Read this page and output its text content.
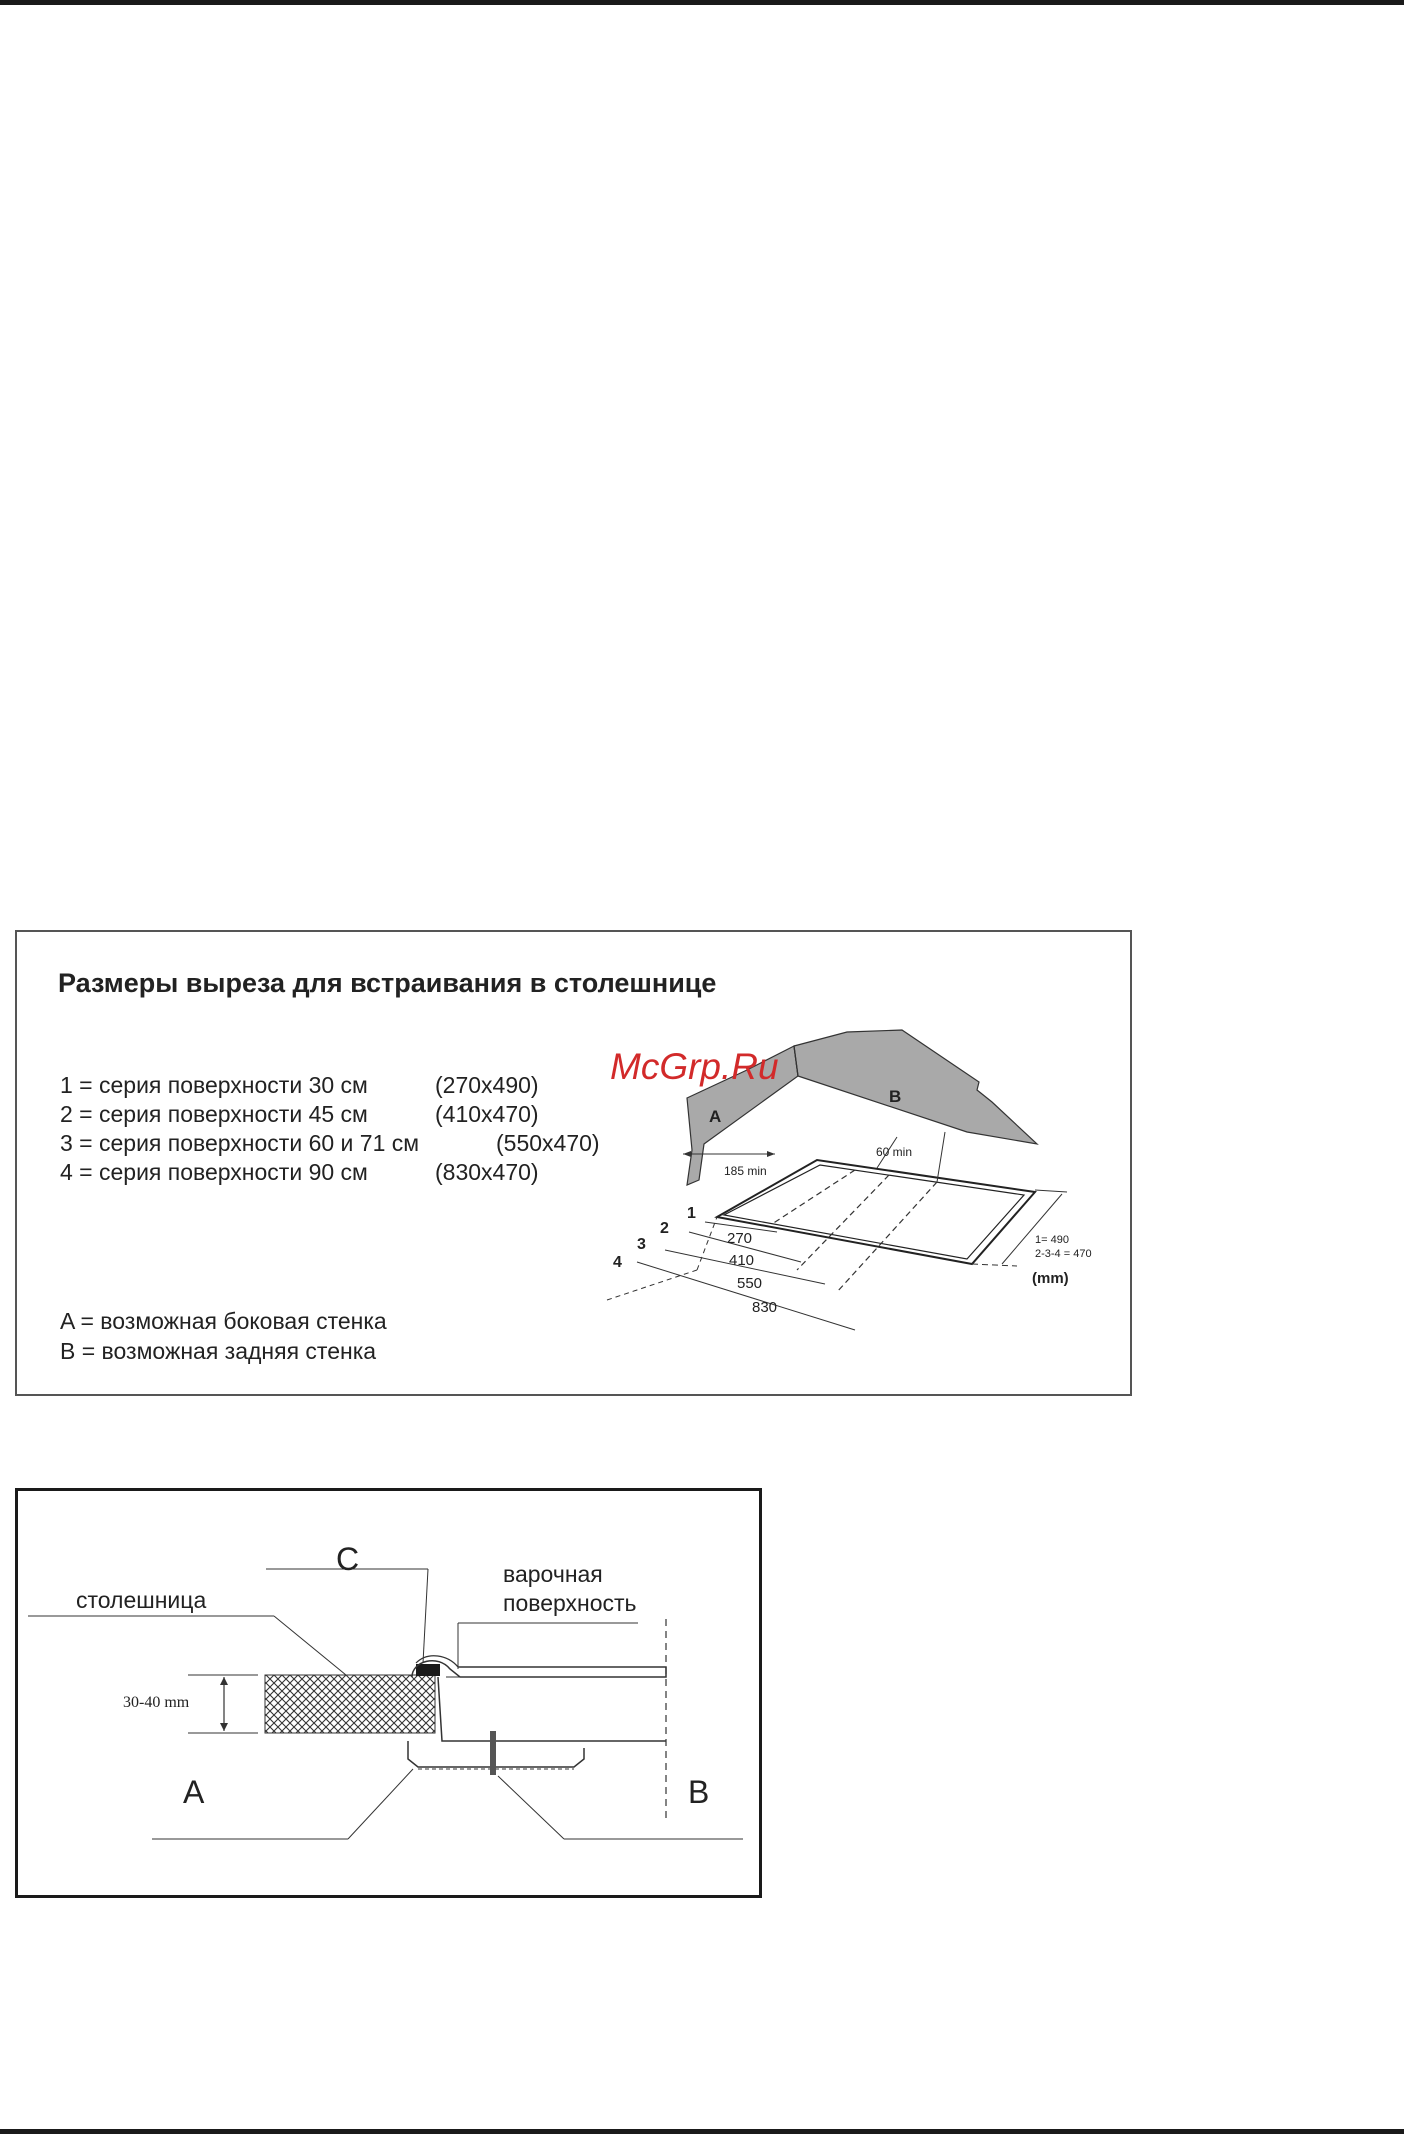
Размеры выреза для встраивания в столешнице
1 = серия поверхности 30 см	(270x490)
2 = серия поверхности 45 см	(410x470)
3 = серия поверхности 60 и 71 см	(550x470)
4 = серия поверхности 90 см	(830x470)
A = возможная боковая стенка
B = возможная задняя стенка
McGrp.Ru
A
B
185 min
60 min
1
2
3
4
270
410
550
830
1= 490
2-3-4 = 470
(mm)
C	варочная
поверхность
столешница
30-40 mm
A	B
